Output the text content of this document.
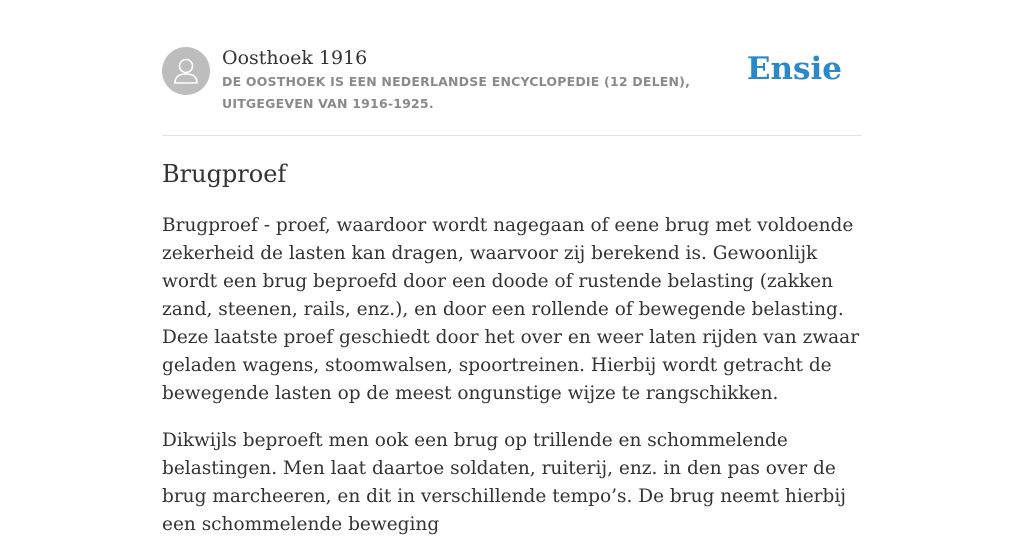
Oosthoek 1916
DE OOSTHOEK IS EEN NEDERLANDSE ENCYCLOPEDIE (12 DELEN), UITGEGEVEN VAN 1916-1925.
Ensie
Brugproef

Brugproef - proef, waardoor wordt nagegaan of eene brug met voldoende zekerheid de lasten kan dragen, waarvoor zij berekend is. Gewoonlijk wordt een brug beproefd door een doode of rustende belasting (zakken zand, steenen, rails, enz.), en door een rollende of bewegende belasting. Deze laatste proef geschiedt door het over en weer laten rijden van zwaar geladen wagens, stoomwalsen, spoortreinen. Hierbij wordt getracht de bewegende lasten op de meest ongunstige wijze te rangschikken.

Dikwijls beproeft men ook een brug op trillende en schommelende belastingen. Men laat daartoe soldaten, ruiterij, enz. in den pas over de brug marcheeren, en dit in verschillende tempo’s. De brug neemt hierbij een schommelende beweging
